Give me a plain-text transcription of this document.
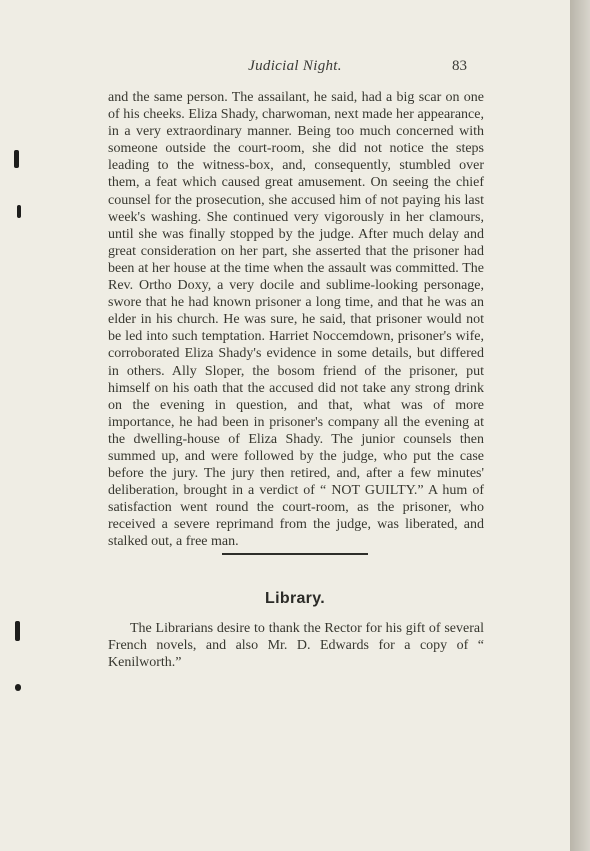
Judicial Night.	83

and the same person. The assailant, he said, had a big scar on one of his cheeks. Eliza Shady, charwoman, next made her appearance, in a very extraordinary manner. Being too much concerned with someone outside the court-room, she did not notice the steps leading to the witness-box, and, consequently, stumbled over them, a feat which caused great amusement. On seeing the chief counsel for the prosecution, she accused him of not paying his last week's washing. She continued very vigorously in her clamours, until she was finally stopped by the judge. After much delay and great consideration on her part, she asserted that the prisoner had been at her house at the time when the assault was committed. The Rev. Ortho Doxy, a very docile and sublime-looking personage, swore that he had known prisoner a long time, and that he was an elder in his church. He was sure, he said, that prisoner would not be led into such temptation. Harriet Noccemdown, prisoner's wife, corroborated Eliza Shady's evidence in some details, but differed in others. Ally Sloper, the bosom friend of the prisoner, put himself on his oath that the accused did not take any strong drink on the evening in question, and that, what was of more importance, he had been in prisoner's company all the evening at the dwelling-house of Eliza Shady. The junior counsels then summed up, and were followed by the judge, who put the case before the jury. The jury then retired, and, after a few minutes' deliberation, brought in a verdict of “ NOT GUILTY.” A hum of satisfaction went round the court-room, as the prisoner, who received a severe reprimand from the judge, was liberated, and stalked out, a free man.

Library.

The Librarians desire to thank the Rector for his gift of several French novels, and also Mr. D. Edwards for a copy of “ Kenilworth.”
